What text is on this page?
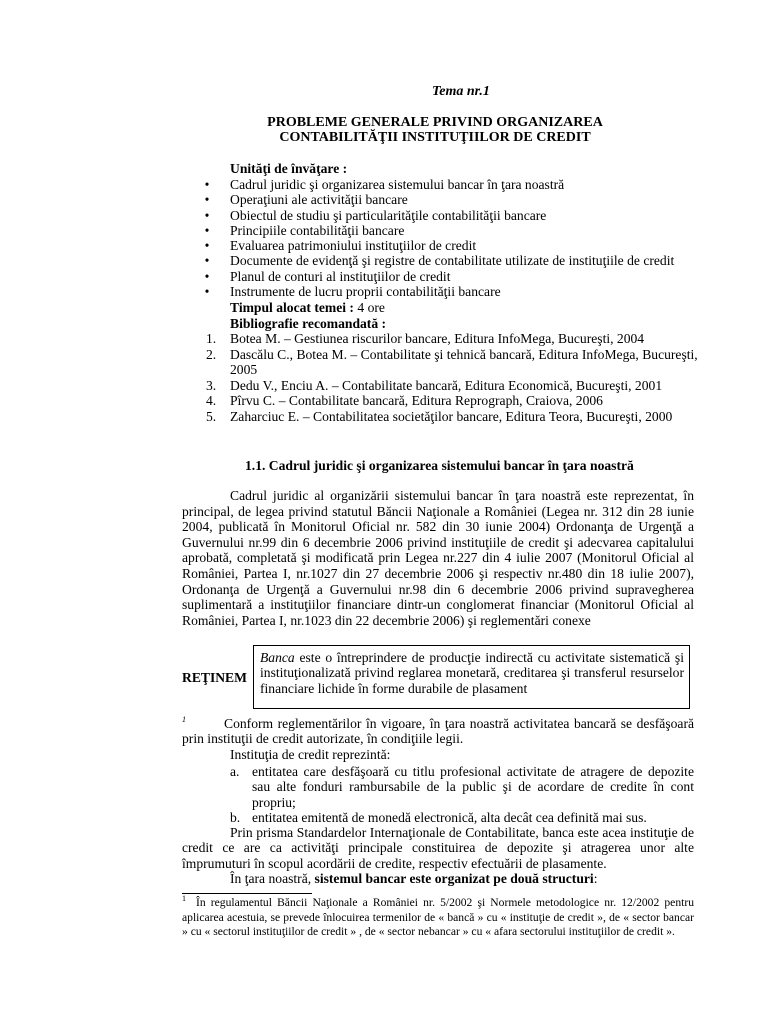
Tema nr.1
PROBLEME GENERALE PRIVIND ORGANIZAREA
CONTABILITĂŢII INSTITUŢIILOR DE CREDIT
Unităţi de învăţare :
• Cadrul juridic şi organizarea sistemului bancar în ţara noastră
• Operaţiuni ale activităţii bancare
• Obiectul de studiu şi particularităţile contabilităţii bancare
• Principiile contabilităţii bancare
• Evaluarea patrimoniului instituţiilor de credit
• Documente de evidenţă şi registre de contabilitate utilizate de instituţiile de credit
• Planul de conturi al instituţiilor de credit
• Instrumente de lucru proprii contabilităţii bancare
Timpul alocat temei : 4 ore
Bibliografie recomandată :
1. Botea M. – Gestiunea riscurilor bancare, Editura InfoMega, Bucureşti, 2004
2. Dascălu C., Botea M. – Contabilitate şi tehnică bancară, Editura InfoMega, Bucureşti, 2005
3. Dedu V., Enciu A. – Contabilitate bancară, Editura Economică, Bucureşti, 2001
4. Pîrvu C. – Contabilitate bancară, Editura Reprograph, Craiova, 2006
5. Zaharciuc E. – Contabilitatea societăţilor bancare, Editura Teora, Bucureşti, 2000
1.1. Cadrul juridic şi organizarea sistemului bancar în ţara noastră
Cadrul juridic al organizării sistemului bancar în ţara noastră este reprezentat, în principal, de legea privind statutul Băncii Naţionale a României (Legea nr. 312 din 28 iunie 2004, publicată în Monitorul Oficial nr. 582 din 30 iunie 2004) Ordonanţa de Urgenţă a Guvernului nr.99 din 6 decembrie 2006 privind instituţiile de credit şi adecvarea capitalului aprobată, completată şi modificată prin Legea nr.227 din 4 iulie 2007 (Monitorul Oficial al României, Partea I, nr.1027 din 27 decembrie 2006 şi respectiv nr.480 din 18 iulie 2007), Ordonanţa de Urgenţă a Guvernului nr.98 din 6 decembrie 2006 privind supravegherea suplimentară a instituţiilor financiare dintr-un conglomerat financiar (Monitorul Oficial al României, Partea I, nr.1023 din 22 decembrie 2006) şi reglementări conexe
REŢINEM
Banca este o întreprindere de producţie indirectă cu activitate sistematică şi instituţionalizată privind reglarea monetară, creditarea şi transferul resurselor financiare lichide în forme durabile de plasament
$^1$	Conform reglementărilor în vigoare, în ţara noastră activitatea bancară se desfăşoară prin instituţii de credit autorizate, în condiţiile legii.
Instituţia de credit reprezintă:
a. entitatea care desfăşoară cu titlu profesional activitate de atragere de depozite sau alte fonduri rambursabile de la public şi de acordare de credite în cont propriu;
b. entitatea emitentă de monedă electronică, alta decât cea definită mai sus.
Prin prisma Standardelor Internaţionale de Contabilitate, banca este acea instituţie de credit ce are ca activităţi principale constituirea de depozite şi atragerea unor alte împrumuturi în scopul acordării de credite, respectiv efectuării de plasamente.
În ţara noastră, sistemul bancar este organizat pe două structuri:
$^1$ În regulamentul Băncii Naţionale a României nr. 5/2002 şi Normele metodologice nr. 12/2002 pentru aplicarea acestuia, se prevede înlocuirea termenilor de « bancă » cu « instituţie de credit », de « sector bancar » cu « sectorul instituţiilor de credit » , de « sector nebancar » cu « afara sectorului instituţiilor de credit ».
